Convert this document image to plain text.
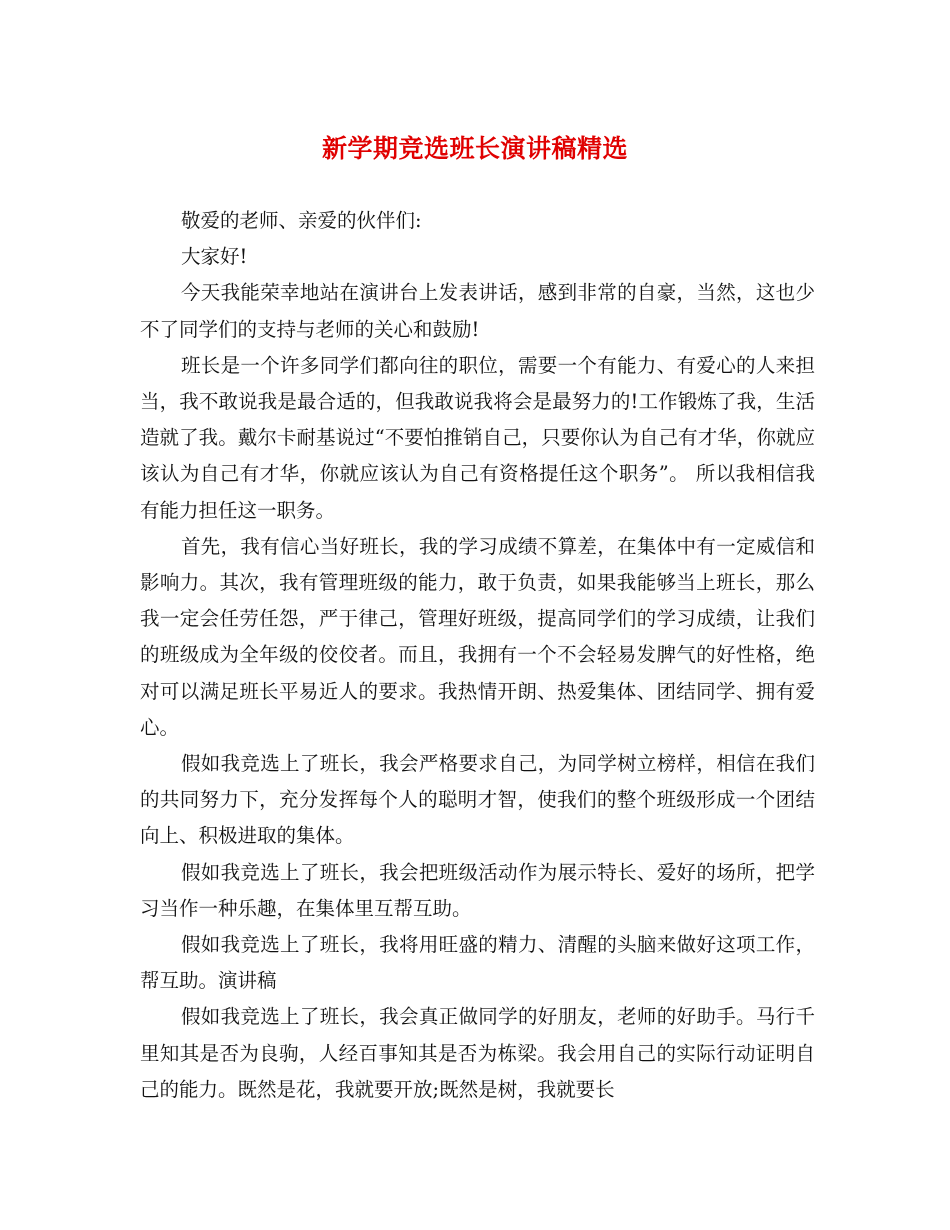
新学期竞选班长演讲稿精选

敬爱的老师、亲爱的伙伴们:

大家好!

今天我能荣幸地站在演讲台上发表讲话，感到非常的自豪，当然，这也少不了同学们的支持与老师的关心和鼓励!

班长是一个许多同学们都向往的职位，需要一个有能力、有爱心的人来担当，我不敢说我是最合适的，但我敢说我将会是最努力的!工作锻炼了我，生活造就了我。戴尔卡耐基说过“不要怕推销自己，只要你认为自己有才华，你就应该认为自己有才华，你就应该认为自己有资格提任这个职务”。 所以我相信我有能力担任这一职务。

首先，我有信心当好班长，我的学习成绩不算差，在集体中有一定威信和影响力。其次，我有管理班级的能力，敢于负责，如果我能够当上班长，那么我一定会任劳任怨，严于律己，管理好班级，提高同学们的学习成绩，让我们的班级成为全年级的佼佼者。而且，我拥有一个不会轻易发脾气的好性格，绝对可以满足班长平易近人的要求。我热情开朗、热爱集体、团结同学、拥有爱心。

假如我竞选上了班长，我会严格要求自己，为同学树立榜样，相信在我们的共同努力下，充分发挥每个人的聪明才智，使我们的整个班级形成一个团结向上、积极进取的集体。

假如我竞选上了班长，我会把班级活动作为展示特长、爱好的场所，把学习当作一种乐趣，在集体里互帮互助。

假如我竞选上了班长，我将用旺盛的精力、清醒的头脑来做好这项工作，帮互助。演讲稿

假如我竞选上了班长，我会真正做同学的好朋友，老师的好助手。马行千里知其是否为良驹，人经百事知其是否为栋梁。我会用自己的实际行动证明自己的能力。既然是花，我就要开放;既然是树，我就要长
